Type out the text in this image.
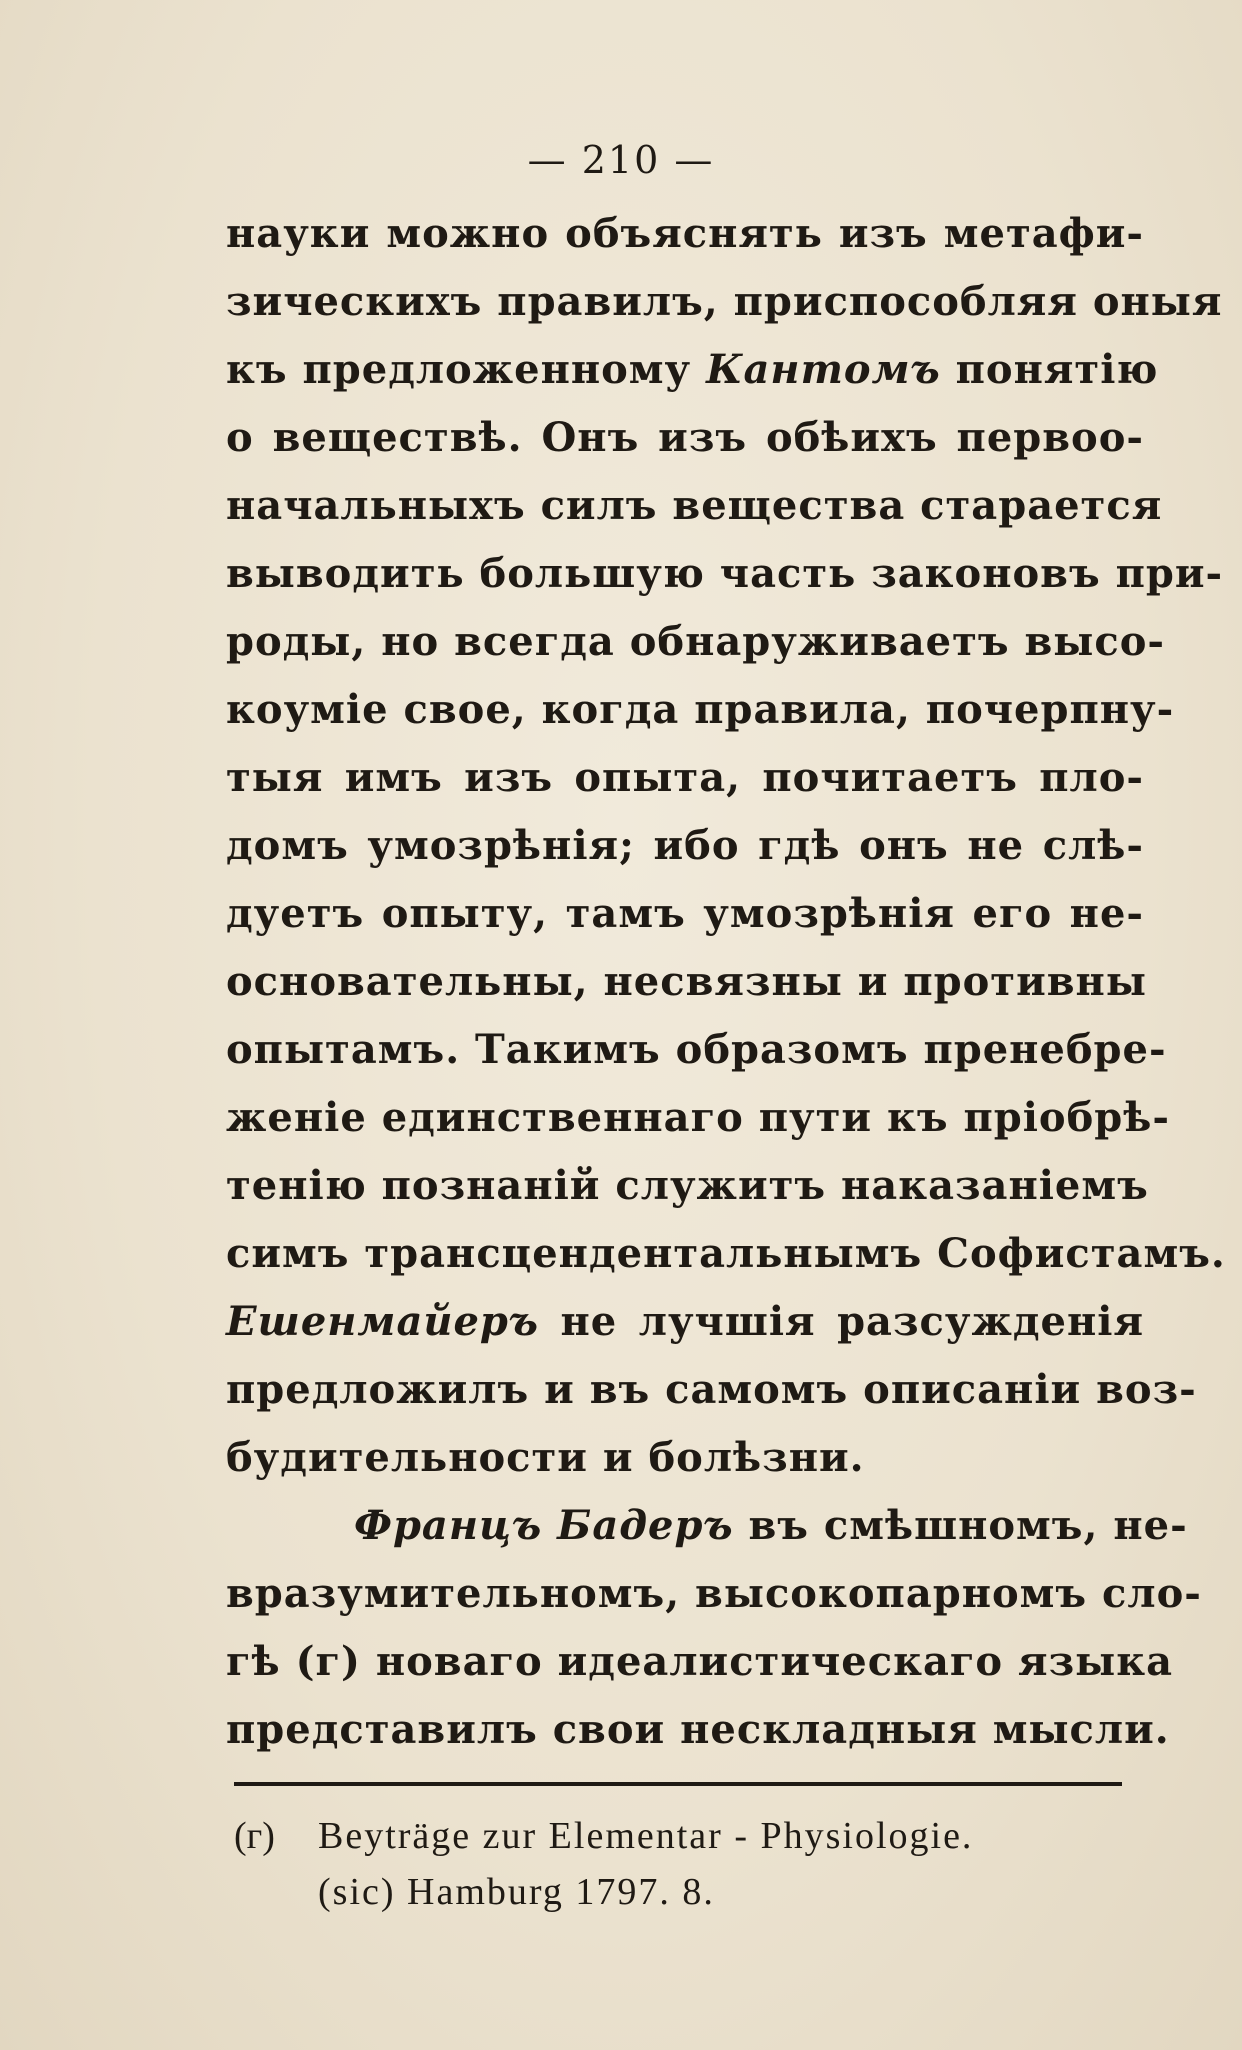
— 210 —
науки можно объяснять изъ метафи-
зическихъ правилъ, приспособляя оныя
къ предложенному Кантомъ понятію
о веществѣ. Онъ изъ обѣихъ первоо-
начальныхъ силъ вещества старается
выводить большую часть законовъ при-
роды, но всегда обнаруживаетъ высо-
коуміе свое, когда правила, почерпну-
тыя имъ изъ опыта, почитаетъ пло-
домъ умозрѣнія; ибо гдѣ онъ не слѣ-
дуетъ опыту, тамъ умозрѣнія его не-
основательны, несвязны и противны
опытамъ. Такимъ образомъ пренебре-
женіе единственнаго пути къ пріобрѣ-
тенію познаній служитъ наказаніемъ
симъ трансцендентальнымъ Софистамъ.
Ешенмайеръ не лучшія разсужденія
предложилъ и въ самомъ описаніи воз-
будительности и болѣзни.
Францъ Бадеръ въ смѣшномъ, не-
вразумительномъ, высокопарномъ сло-
гѣ (г) новаго идеалистическаго языка
представилъ свои нескладныя мысли.
(г) Beyträge zur Elementar - Physiologie.
(sic) Hamburg 1797. 8.
